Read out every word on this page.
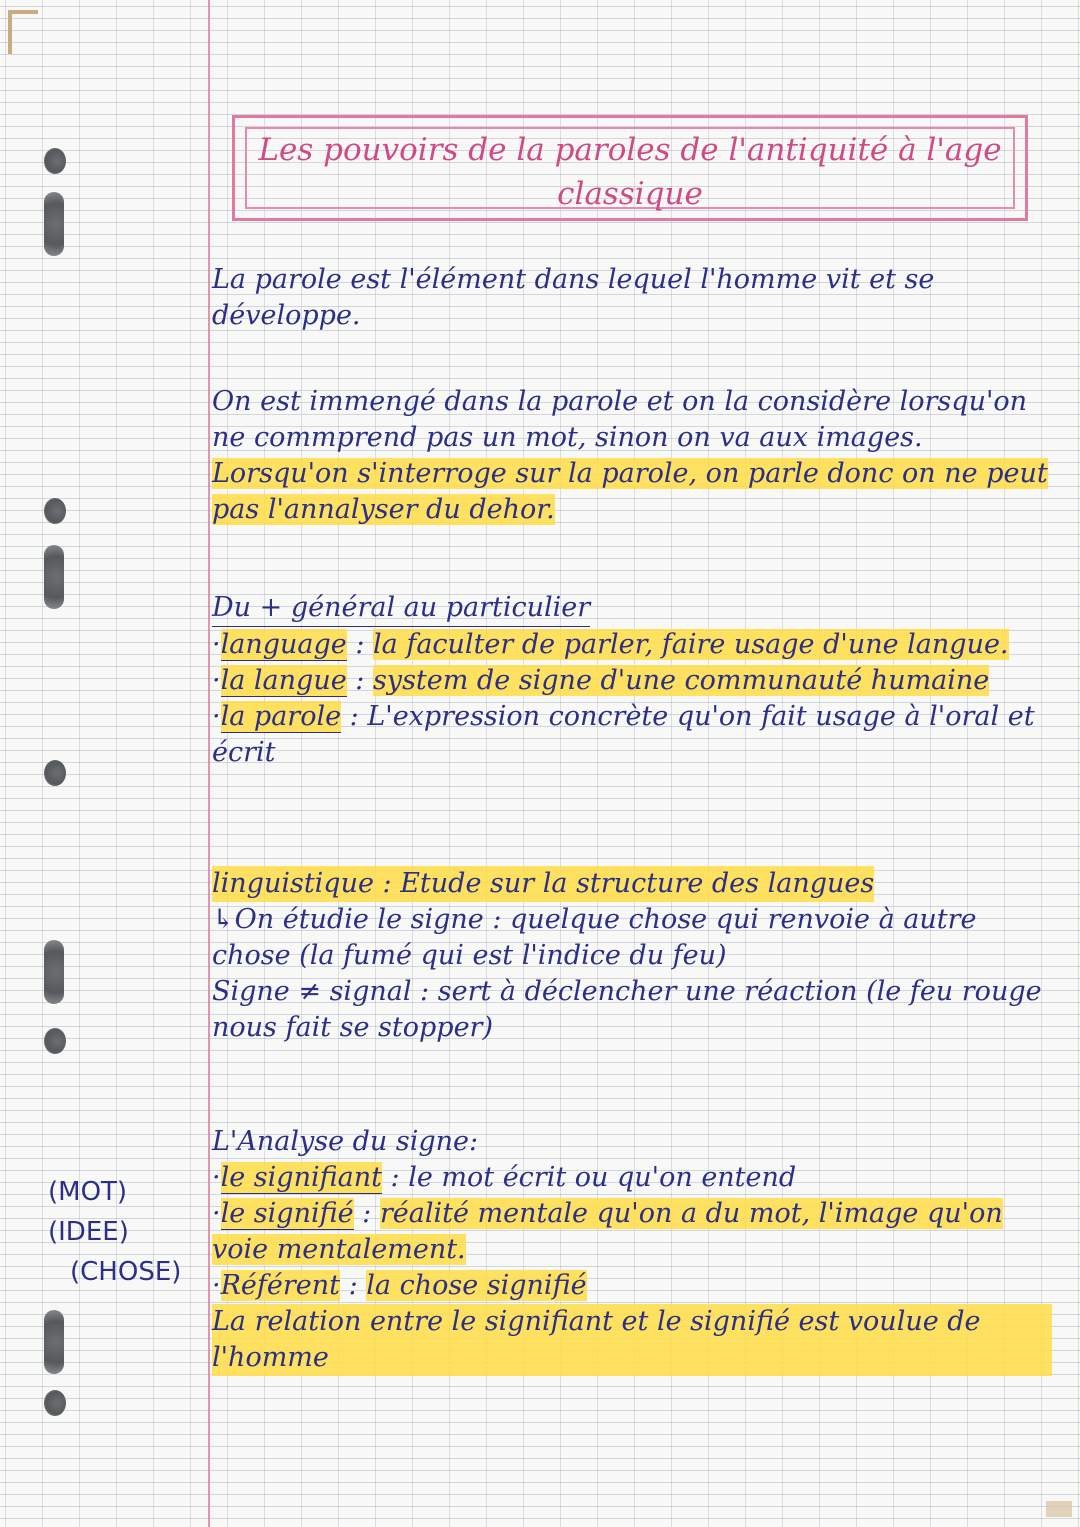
Les pouvoirs de la paroles de l'antiquité à l'age classique
La parole est l'élément dans lequel l'homme vit et se développe.
On est immengé dans la parole et on la considère lorsqu'on ne commprend pas un mot, sinon on va aux images. Lorsqu'on s'interroge sur la parole, on parle donc on ne peut pas l'annalyser du dehor.
Du + général au particulier
·language : la faculter de parler, faire usage d'une langue.
·la langue : system de signe d'une communauté humaine
·la parole : L'expression concrète qu'on fait usage à l'oral et écrit
linguistique : Etude sur la structure des langues
↳On étudie le signe : quelque chose qui renvoie à autre chose (la fumé qui est l'indice du feu)
Signe ≠ signal : sert à déclencher une réaction (le feu rouge nous fait se stopper)
L'Analyse du signe:
·le signifiant : le mot écrit ou qu'on entend
·le signifié : réalité mentale qu'on a du mot, l'image qu'on voie mentalement.
·Référent : la chose signifié
La relation entre le signifiant et le signifié est voulue de l'homme
(MOT)
(IDEE)
(CHOSE)
